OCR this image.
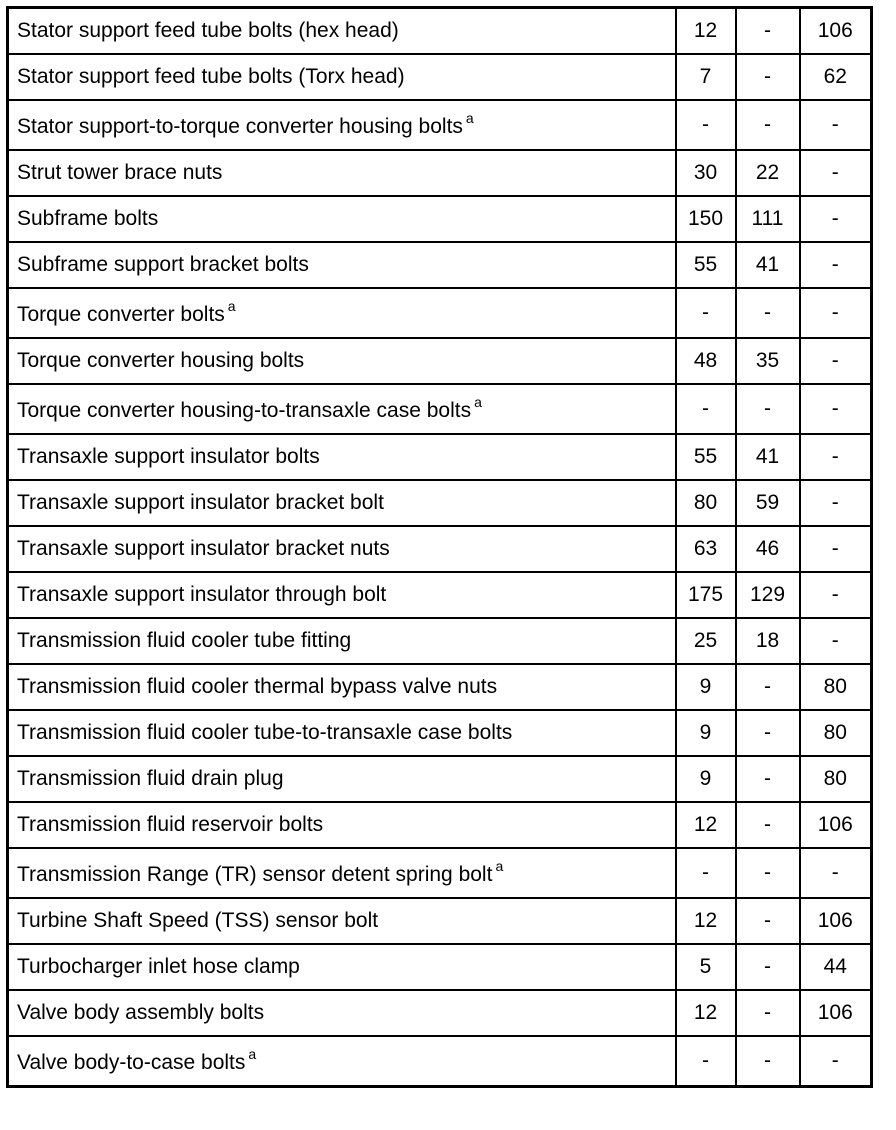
Stator support feed tube bolts (hex head)	12	-	106
Stator support feed tube bolts (Torx head)	7	-	62
Stator support-to-torque converter housing bolts $^a$	-	-	-
Strut tower brace nuts	30	22	-
Subframe bolts	150	111	-
Subframe support bracket bolts	55	41	-
Torque converter bolts $^a$	-	-	-
Torque converter housing bolts	48	35	-
Torque converter housing-to-transaxle case bolts $^a$	-	-	-
Transaxle support insulator bolts	55	41	-
Transaxle support insulator bracket bolt	80	59	-
Transaxle support insulator bracket nuts	63	46	-
Transaxle support insulator through bolt	175	129	-
Transmission fluid cooler tube fitting	25	18	-
Transmission fluid cooler thermal bypass valve nuts	9	-	80
Transmission fluid cooler tube-to-transaxle case bolts	9	-	80
Transmission fluid drain plug	9	-	80
Transmission fluid reservoir bolts	12	-	106
Transmission Range (TR) sensor detent spring bolt $^a$	-	-	-
Turbine Shaft Speed (TSS) sensor bolt	12	-	106
Turbocharger inlet hose clamp	5	-	44
Valve body assembly bolts	12	-	106
Valve body-to-case bolts $^a$	-	-	-
